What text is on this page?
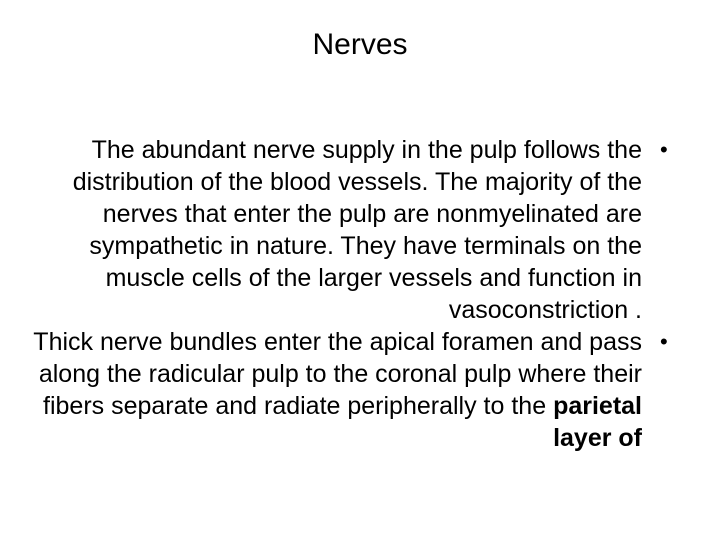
Nerves
•

The abundant nerve supply in the pulp follows the distribution of the blood vessels. The majority of the nerves that enter the pulp are nonmyelinated are sympathetic in nature. They have terminals on the muscle cells of the larger vessels and function in vasoconstriction .

•

Thick nerve bundles enter the apical foramen and pass along the radicular pulp to the coronal pulp where their fibers separate and radiate peripherally to the parietal layer of
